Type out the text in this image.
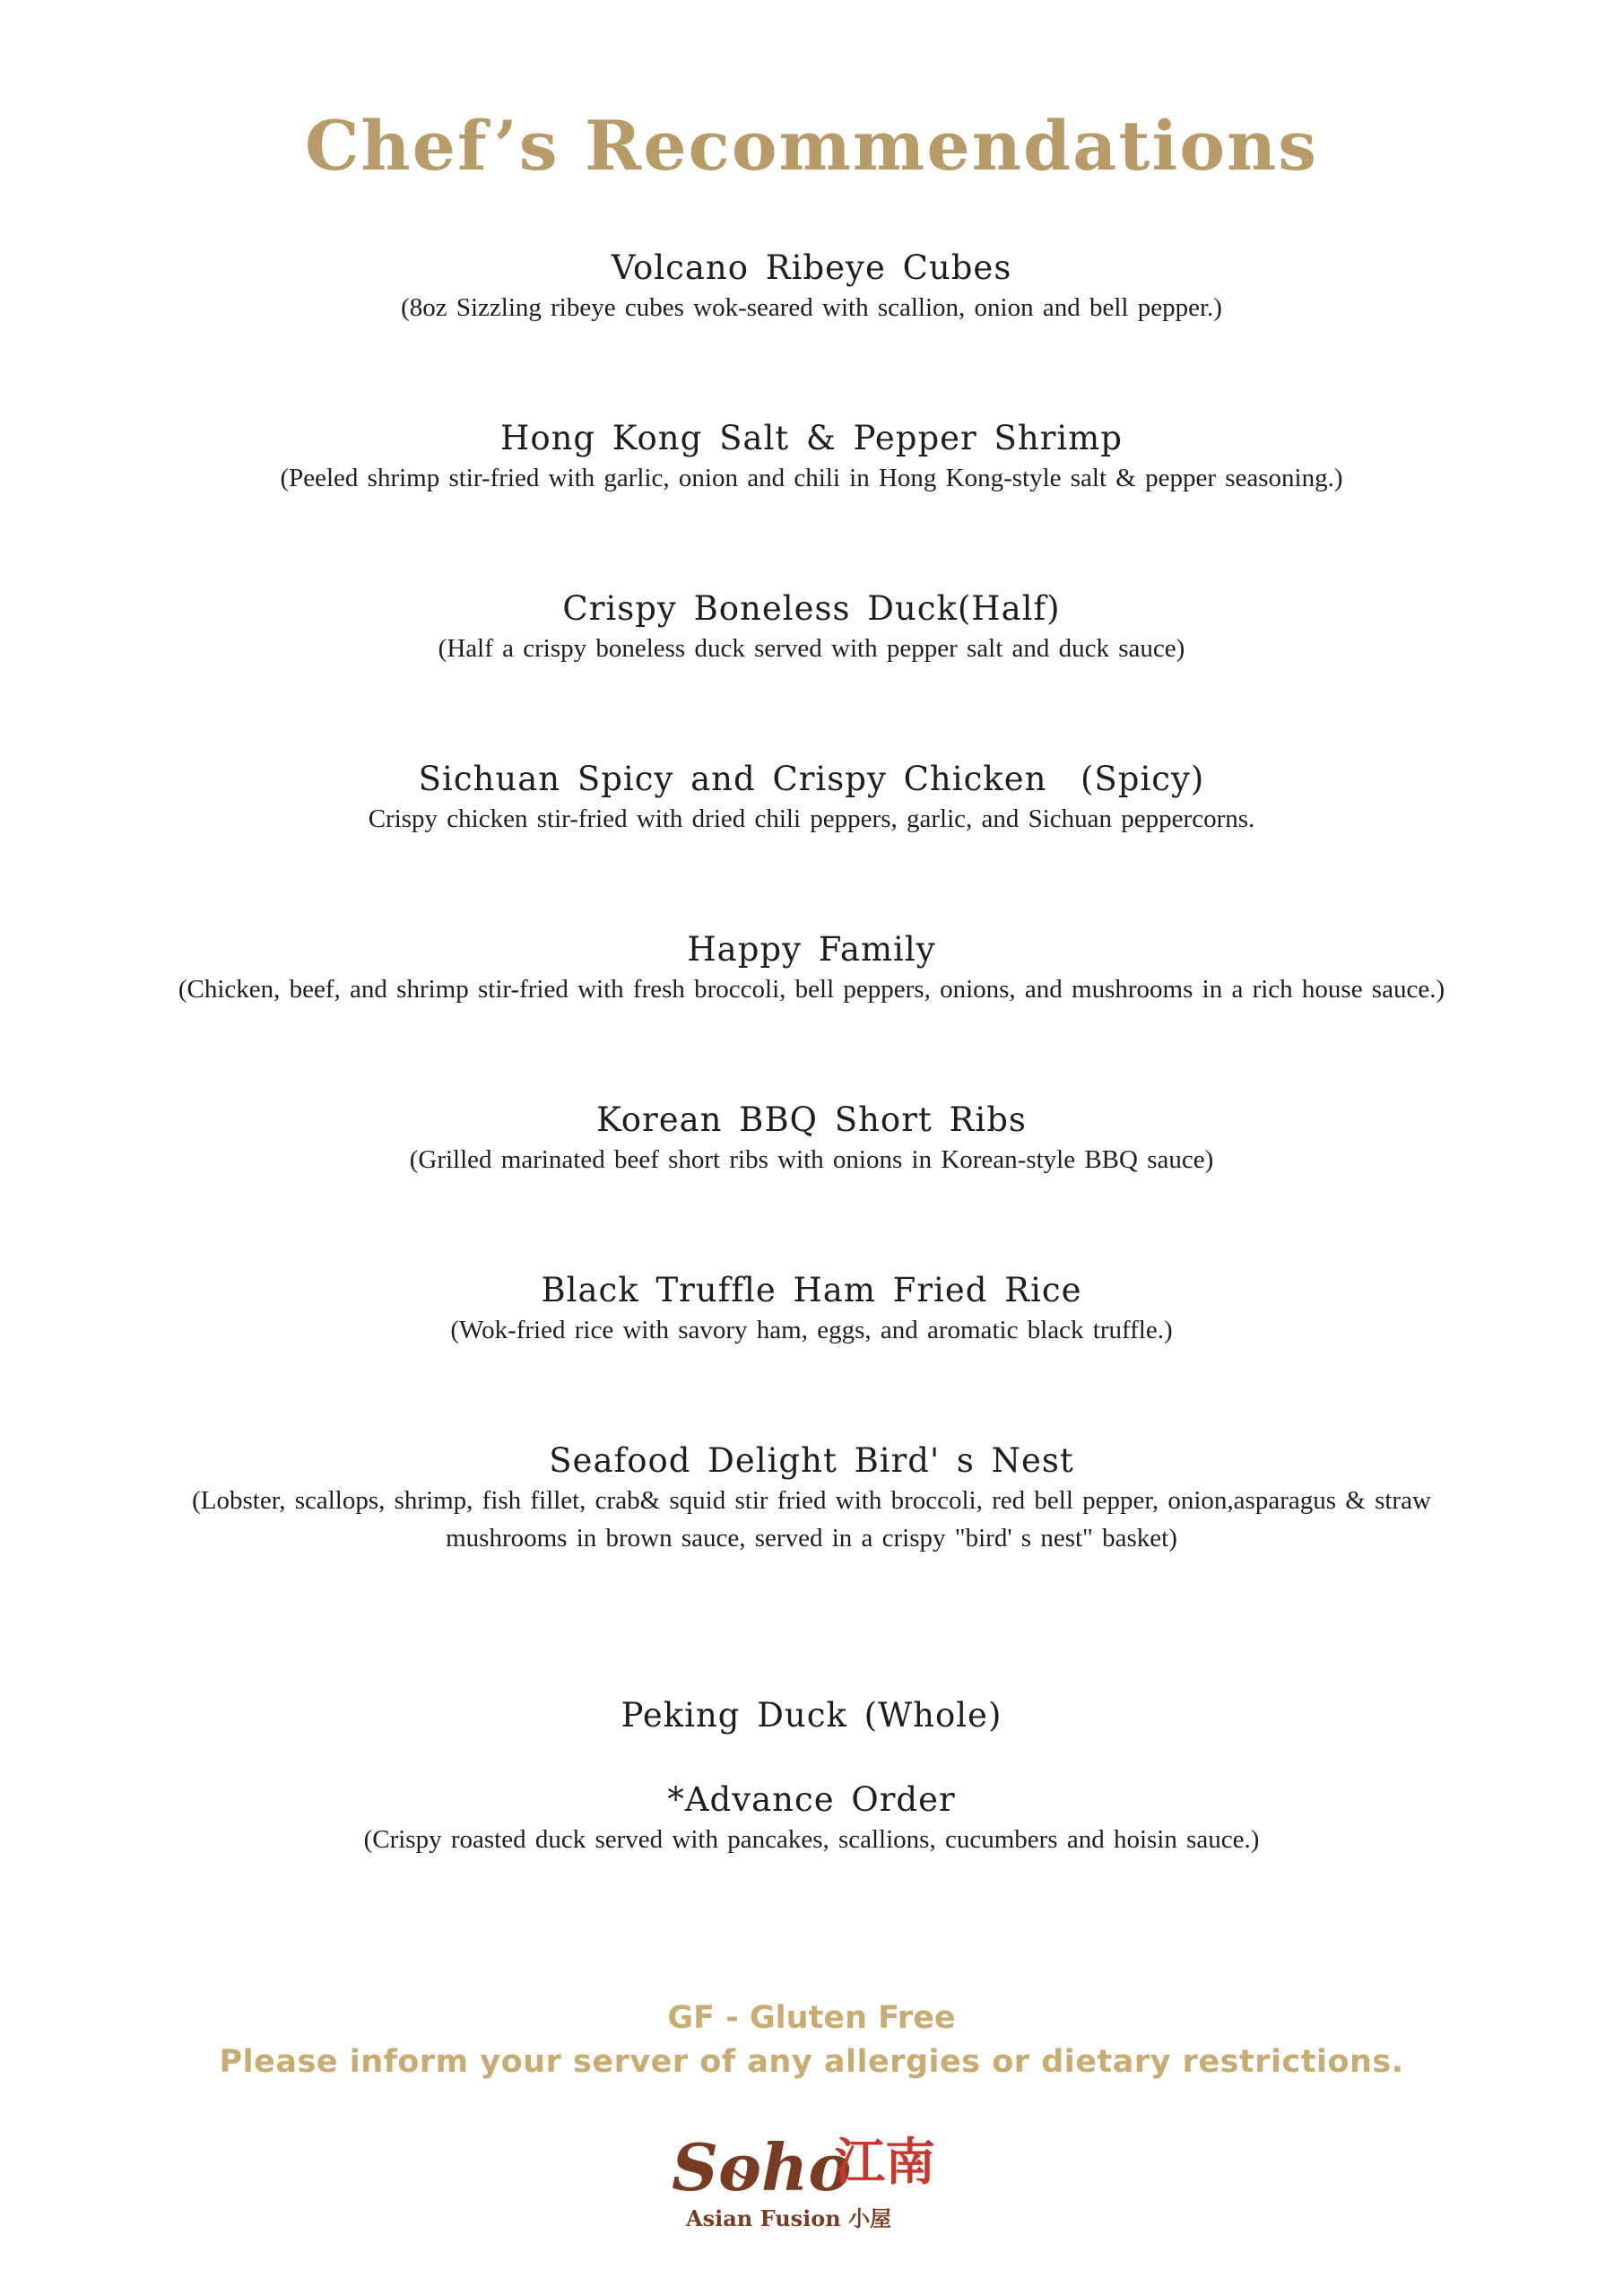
Chef’s Recommendations

Volcano Ribeye Cubes

(8oz Sizzling ribeye cubes wok-seared with scallion, onion and bell pepper.)

Hong Kong Salt & Pepper Shrimp

(Peeled shrimp stir-fried with garlic, onion and chili in Hong Kong-style salt & pepper seasoning.)

Crispy Boneless Duck(Half)

(Half a crispy boneless duck served with pepper salt and duck sauce)

Sichuan Spicy and Crispy Chicken  (Spicy)

Crispy chicken stir-fried with dried chili peppers, garlic, and Sichuan peppercorns.

Happy Family

(Chicken, beef, and shrimp stir-fried with fresh broccoli, bell peppers, onions, and mushrooms in a rich house sauce.)

Korean BBQ Short Ribs

(Grilled marinated beef short ribs with onions in Korean-style BBQ sauce)

Black Truffle Ham Fried Rice

(Wok-fried rice with savory ham, eggs, and aromatic black truffle.)

Seafood Delight Bird' s Nest

(Lobster, scallops, shrimp, fish fillet, crab& squid stir fried with broccoli, red bell pepper, onion,asparagus & straw mushrooms in brown sauce, served in a crispy "bird' s nest" basket)

Peking Duck (Whole)

*Advance Order

(Crispy roasted duck served with pancakes, scallions, cucumbers and hoisin sauce.)

GF - Gluten Free

Please inform your server of any allergies or dietary restrictions.

Soho
江南
Asian Fusion 小屋
